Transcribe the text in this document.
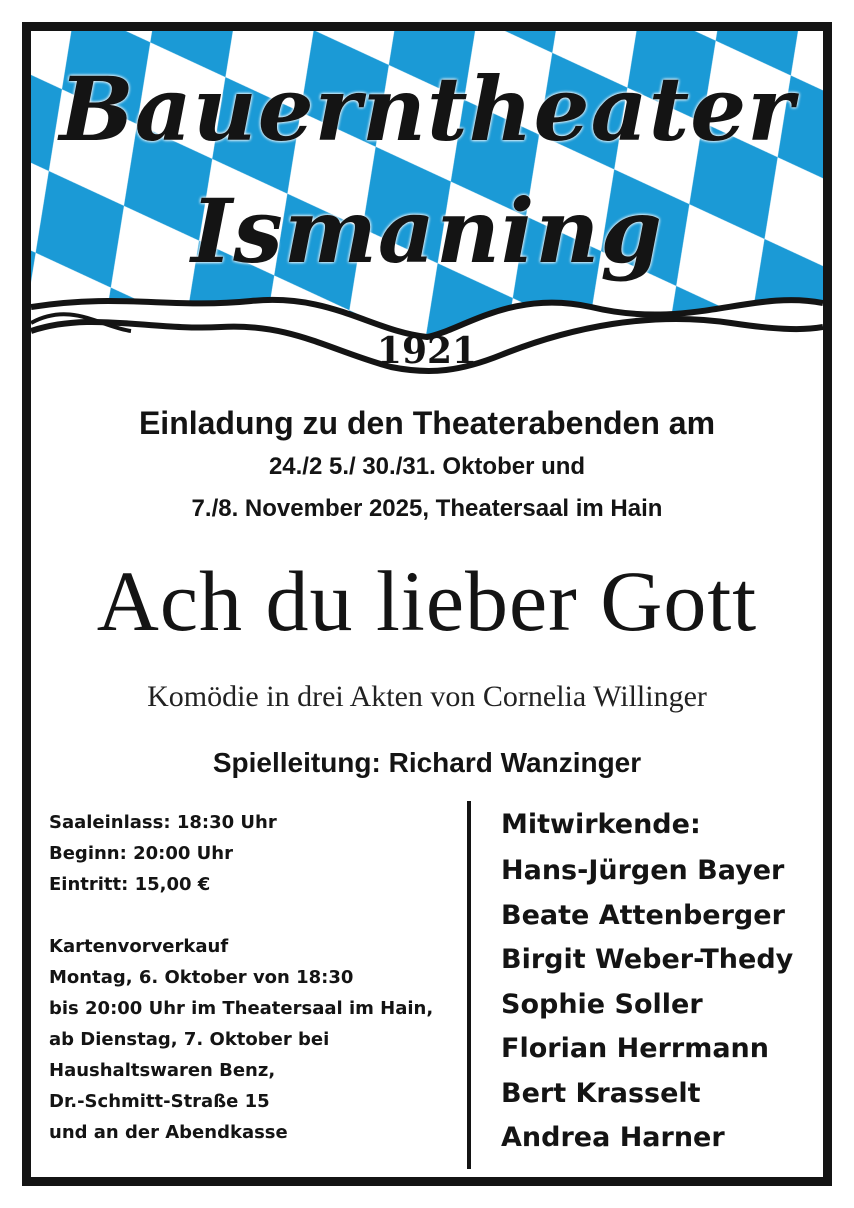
Bauerntheater
Ismaning
1921
Einladung zu den Theaterabenden am
24./2 5./ 30./31. Oktober und
7./8. November 2025, Theatersaal im Hain
Ach du lieber Gott
Komödie in drei Akten von Cornelia Willinger
Spielleitung: Richard Wanzinger
Saaleinlass: 18:30 Uhr
Beginn: 20:00 Uhr
Eintritt: 15,00 €
Kartenvorverkauf
Montag, 6. Oktober von 18:30
bis 20:00 Uhr im Theatersaal im Hain,
ab Dienstag, 7. Oktober bei
Haushaltswaren Benz,
Dr.-Schmitt-Straße 15
und an der Abendkasse
Mitwirkende:
Hans-Jürgen Bayer
Beate Attenberger
Birgit Weber-Thedy
Sophie Soller
Florian Herrmann
Bert Krasselt
Andrea Harner
